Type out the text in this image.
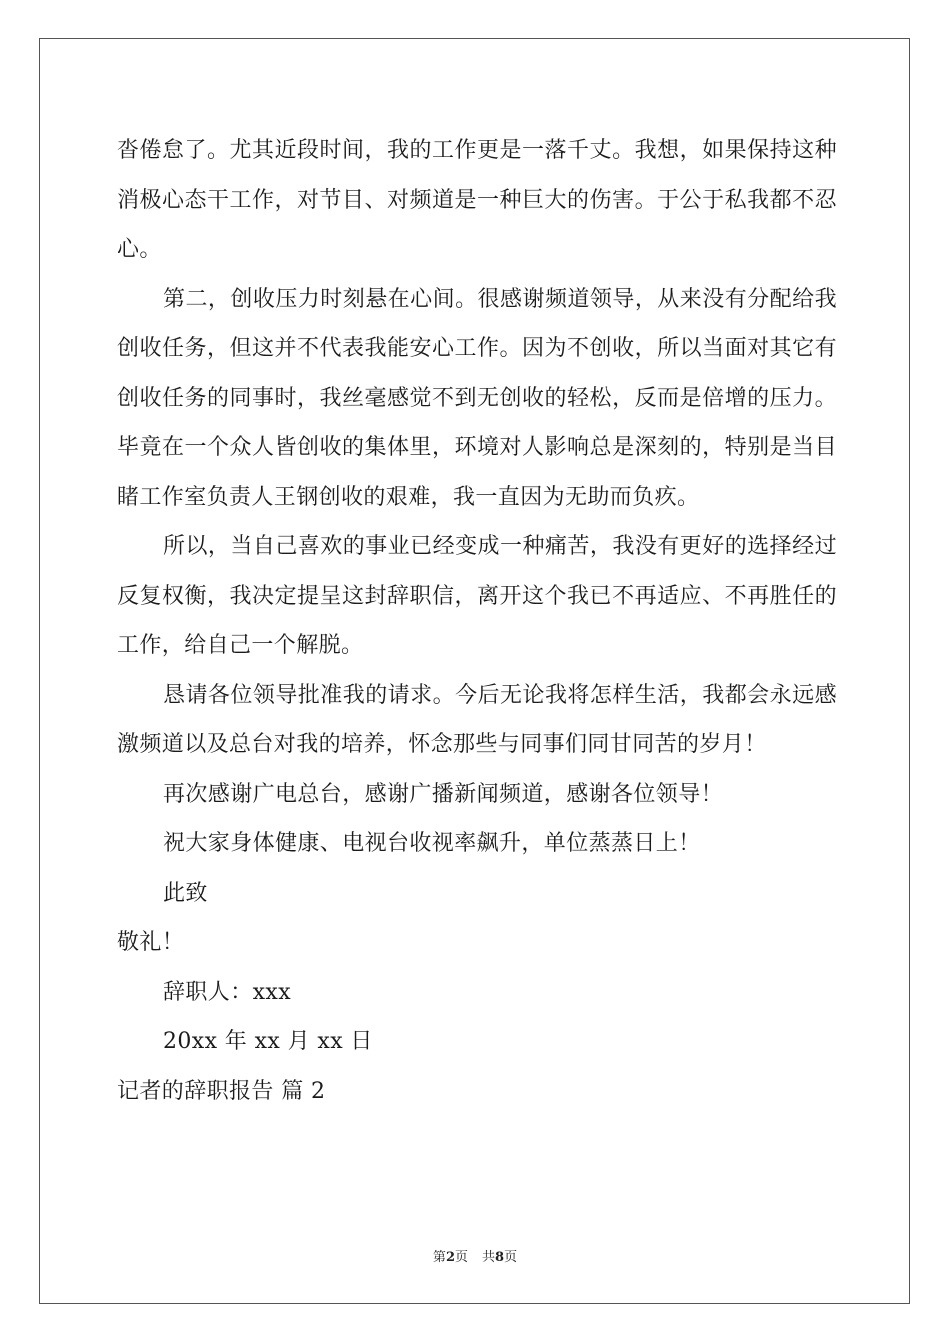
沓倦怠了。尤其近段时间，我的工作更是一落千丈。我想，如果保持这种消极心态干工作，对节目、对频道是一种巨大的伤害。于公于私我都不忍心。

第二，创收压力时刻悬在心间。很感谢频道领导，从来没有分配给我创收任务，但这并不代表我能安心工作。因为不创收，所以当面对其它有创收任务的同事时，我丝毫感觉不到无创收的轻松，反而是倍增的压力。毕竟在一个众人皆创收的集体里，环境对人影响总是深刻的，特别是当目睹工作室负责人王钢创收的艰难，我一直因为无助而负疚。

所以，当自己喜欢的事业已经变成一种痛苦，我没有更好的选择经过反复权衡，我决定提呈这封辞职信，离开这个我已不再适应、不再胜任的工作，给自己一个解脱。

恳请各位领导批准我的请求。今后无论我将怎样生活，我都会永远感激频道以及总台对我的培养，怀念那些与同事们同甘同苦的岁月！

再次感谢广电总台，感谢广播新闻频道，感谢各位领导！

祝大家身体健康、电视台收视率飙升，单位蒸蒸日上！

此致

敬礼！

辞职人：xxx

20xx 年 xx 月 xx 日

记者的辞职报告 篇 2

第2页 共8页
